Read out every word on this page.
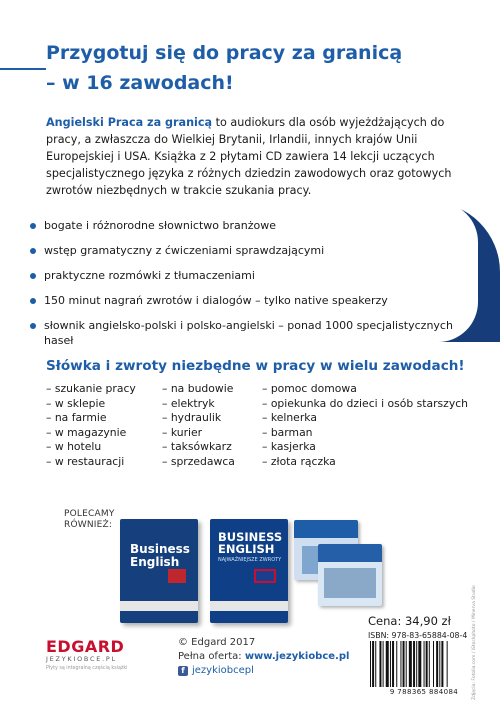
Przygotuj się do pracy za granicą
– w 16 zawodach!

Angielski Praca za granicą to audiokurs dla osób wyjeżdżających do pracy, a zwłaszcza do Wielkiej Brytanii, Irlandii, innych krajów Unii Europejskiej i USA. Książka z 2 płytami CD zawiera 14 lekcji uczących specjalistycznego języka z różnych dziedzin zawodowych oraz gotowych zwrotów niezbędnych w trakcie szukania pracy.

bogate i różnorodne słownictwo branżowe
wstęp gramatyczny z ćwiczeniami sprawdzającymi
praktyczne rozmówki z tłumaczeniami
150 minut nagrań zwrotów i dialogów – tylko native speakerzy
słownik angielsko-polski i polsko-angielski – ponad 1000 specjalistycznych haseł
Słówka i zwroty niezbędne w pracy w wielu zawodach!
– szukanie pracy
– w sklepie
– na farmie
– w magazynie
– w hotelu
– w restauracji
– na budowie
– elektryk
– hydraulik
– kurier
– taksówkarz
– sprzedawca
– pomoc domowa
– opiekunka do dzieci i osób starszych
– kelnerka
– barman
– kasjerka
– złota rączka
POLECAMY
RÓWNIEŻ:
Business
English
BUSINESS
ENGLISH
NAJWAŻNIEJSZE ZWROTY
Zdjęcia: Fotolia.com / iStockphoto / Minerva Studio
EDGARD
JEZYKIOBCE.PL
Płyty są integralną częścią książki
© Edgard 2017
Pełna oferta: www.jezykiobce.pl
f jezykiobcepl
Cena: 34,90 zł
ISBN: 978-83-65884-08-4
9 788365 884084
